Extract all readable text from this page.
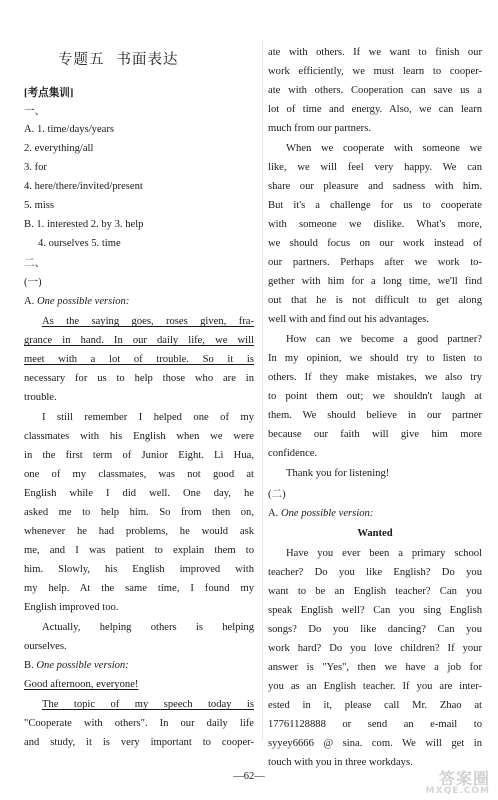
专题五 书面表达
[考点集训]
一、
A. 1. time/days/years
2. everything/all
3. for
4. here/there/invited/present
5. miss
B. 1. interested 2. by 3. help
4. ourselves 5. time
二、
(一)
A. One possible version:
As the saying goes, roses given, fra-
grance in hand. In our daily life, we will
meet with a lot of trouble. So it is
necessary for us to help those who are in
trouble.
I still remember I helped one of my
classmates with his English when we were
in the first term of Junior Eight. Li Hua,
one of my classmates, was not good at
English while I did well. One day, he
asked me to help him. So from then on,
whenever he had problems, he would ask
me, and I was patient to explain them to
him. Slowly, his English improved with
my help. At the same time, I found my
English improved too.
Actually, helping others is helping
ourselves.
B. One possible version:
Good afternoon, everyone!
The topic of my speech today is
"Cooperate with others". In our daily life
and study, it is very important to cooper-
ate with others. If we want to finish our
work efficiently, we must learn to cooper-
ate with others. Cooperation can save us a
lot of time and energy. Also, we can learn
much from our partners.
When we cooperate with someone we
like, we will feel very happy. We can
share our pleasure and sadness with him.
But it's a challenge for us to cooperate
with someone we dislike. What's more,
we should focus on our work instead of
our partners. Perhaps after we work to-
gether with him for a long time, we'll find
out that he is not difficult to get along
well with and find out his advantages.
How can we become a good partner?
In my opinion, we should try to listen to
others. If they make mistakes, we also try
to point them out; we shouldn't laugh at
them. We should believe in our partner
because our faith will give him more
confidence.
Thank you for listening!
(二)
A. One possible version:
Wanted
Have you ever been a primary school
teacher? Do you like English? Do you
want to be an English teacher? Can you
speak English well? Can you sing English
songs? Do you like dancing? Can you
work hard? Do you love children? If your
answer is "Yes", then we have a job for
you as an English teacher. If you are inter-
ested in it, please call Mr. Zhao at
17761128888 or send an e-mail to
syyey6666 @ sina. com. We will get in
touch with you in three workdays.
—62—	答案圈
MXQE.COM
